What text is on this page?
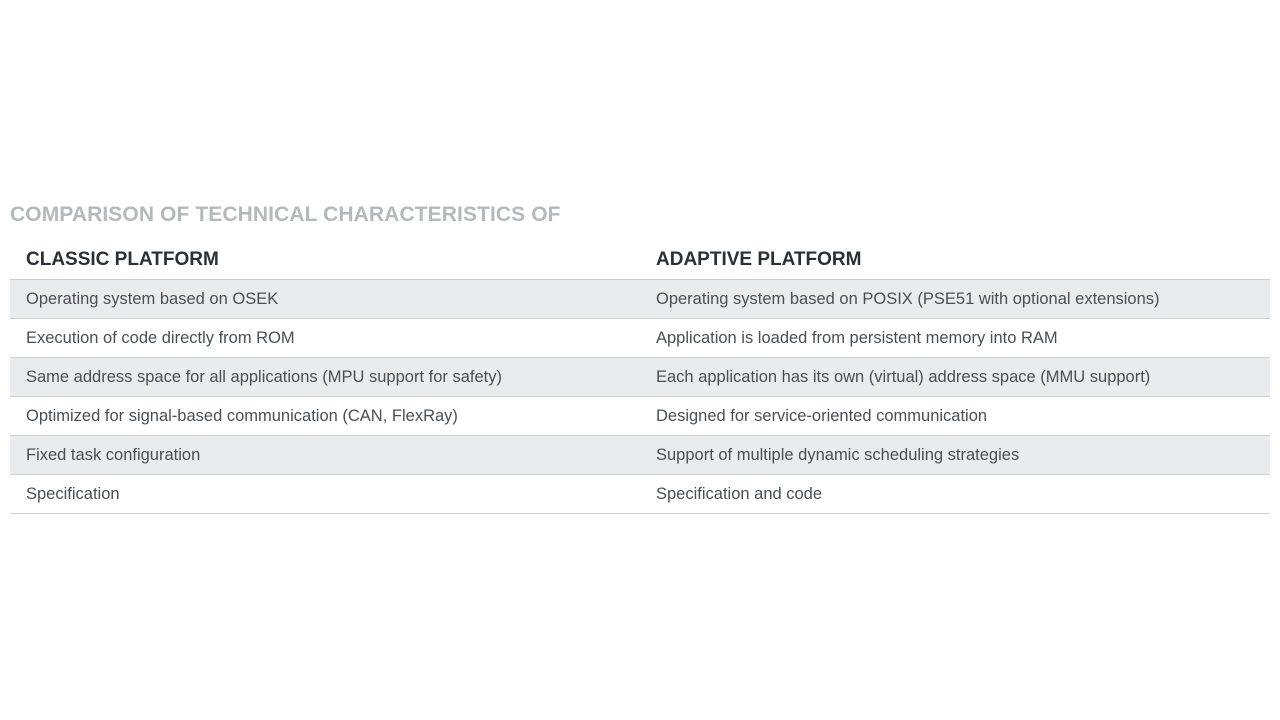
COMPARISON OF TECHNICAL CHARACTERISTICS OF
CLASSIC PLATFORM	ADAPTIVE PLATFORM
Operating system based on OSEK	Operating system based on POSIX (PSE51 with optional extensions)
Execution of code directly from ROM	Application is loaded from persistent memory into RAM
Same address space for all applications (MPU support for safety)	Each application has its own (virtual) address space (MMU support)
Optimized for signal-based communication (CAN, FlexRay)	Designed for service-oriented communication
Fixed task configuration	Support of multiple dynamic scheduling strategies
Specification	Specification and code
